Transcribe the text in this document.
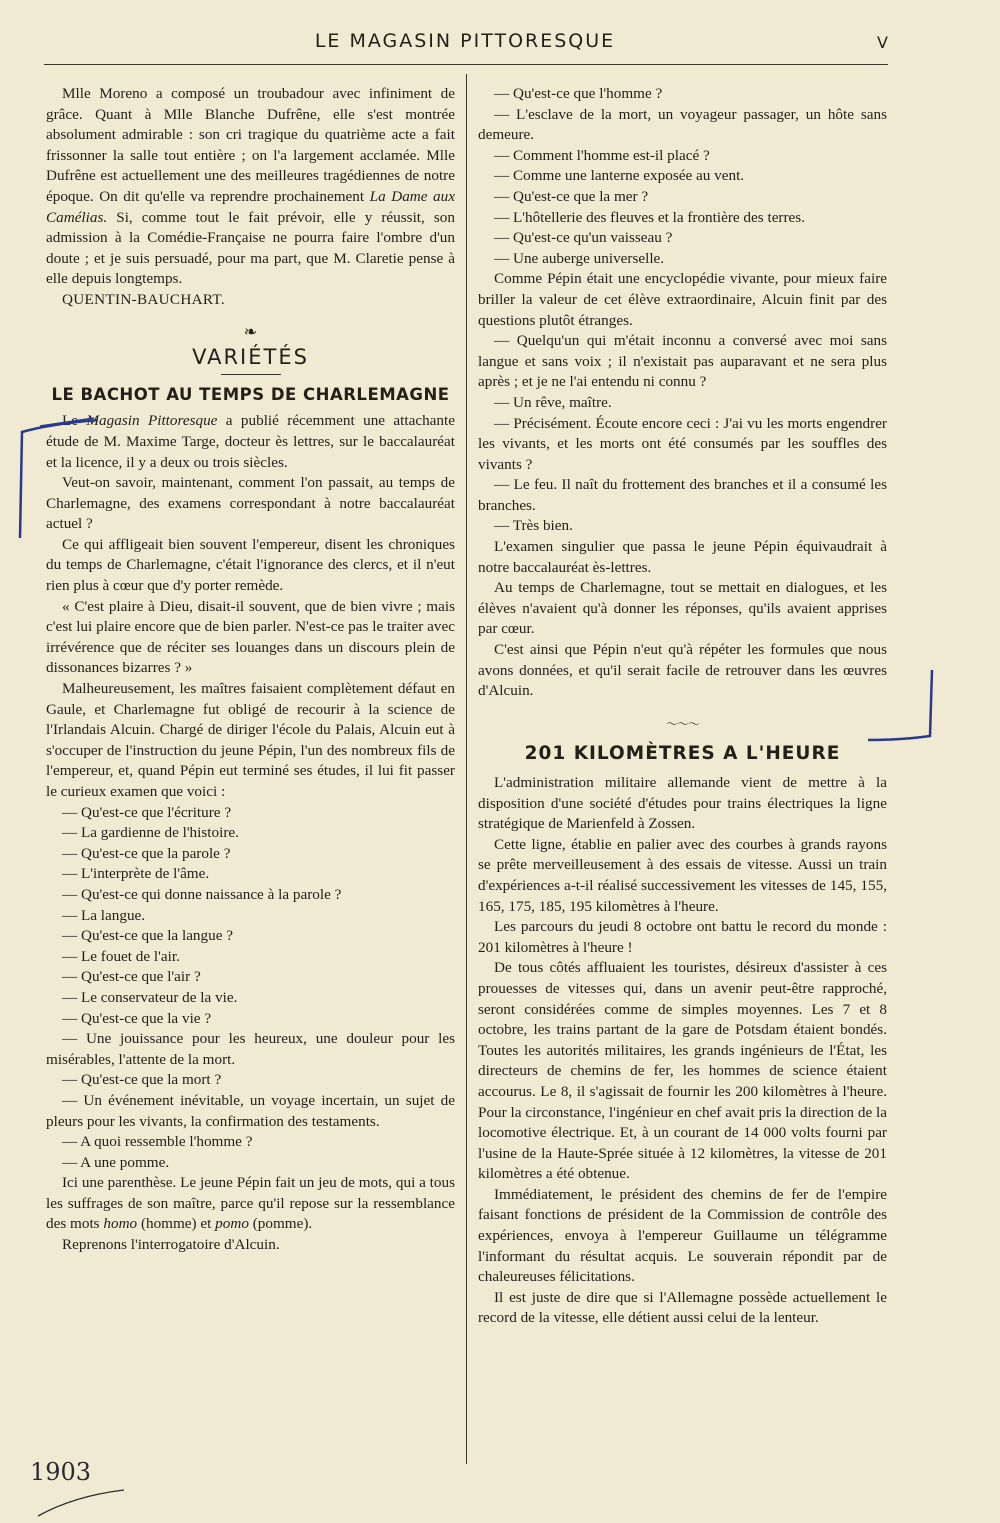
LE MAGASIN PITTORESQUE	V

Mlle Moreno a composé un troubadour avec infiniment de grâce. Quant à Mlle Blanche Dufrêne, elle s'est montrée absolument admirable : son cri tragique du quatrième acte a fait frissonner la salle tout entière ; on l'a largement acclamée. Mlle Dufrêne est actuellement une des meilleures tragédiennes de notre époque. On dit qu'elle va reprendre prochainement La Dame aux Camélias. Si, comme tout le fait prévoir, elle y réussit, son admission à la Comédie-Française ne pourra faire l'ombre d'un doute ; et je suis persuadé, pour ma part, que M. Claretie pense à elle depuis longtemps.

QUENTIN-BAUCHART.

❧
VARIÉTÉS
LE BACHOT AU TEMPS DE CHARLEMAGNE

Le Magasin Pittoresque a publié récemment une attachante étude de M. Maxime Targe, docteur ès lettres, sur le baccalauréat et la licence, il y a deux ou trois siècles.

Veut-on savoir, maintenant, comment l'on passait, au temps de Charlemagne, des examens correspondant à notre baccalauréat actuel ?

Ce qui affligeait bien souvent l'empereur, disent les chroniques du temps de Charlemagne, c'était l'ignorance des clercs, et il n'eut rien plus à cœur que d'y porter remède.

« C'est plaire à Dieu, disait-il souvent, que de bien vivre ; mais c'est lui plaire encore que de bien parler. N'est-ce pas le traiter avec irrévérence que de réciter ses louanges dans un discours plein de dissonances bizarres ? »

Malheureusement, les maîtres faisaient complètement défaut en Gaule, et Charlemagne fut obligé de recourir à la science de l'Irlandais Alcuin. Chargé de diriger l'école du Palais, Alcuin eut à s'occuper de l'instruction du jeune Pépin, l'un des nombreux fils de l'empereur, et, quand Pépin eut terminé ses études, il lui fit passer le curieux examen que voici :

— Qu'est-ce que l'écriture ?

— La gardienne de l'histoire.

— Qu'est-ce que la parole ?

— L'interprète de l'âme.

— Qu'est-ce qui donne naissance à la parole ?

— La langue.

— Qu'est-ce que la langue ?

— Le fouet de l'air.

— Qu'est-ce que l'air ?

— Le conservateur de la vie.

— Qu'est-ce que la vie ?

— Une jouissance pour les heureux, une douleur pour les misérables, l'attente de la mort.

— Qu'est-ce que la mort ?

— Un événement inévitable, un voyage incertain, un sujet de pleurs pour les vivants, la confirmation des testaments.

— A quoi ressemble l'homme ?

— A une pomme.

Ici une parenthèse. Le jeune Pépin fait un jeu de mots, qui a tous les suffrages de son maître, parce qu'il repose sur la ressemblance des mots homo (homme) et pomo (pomme).

Reprenons l'interrogatoire d'Alcuin.

— Qu'est-ce que l'homme ?

— L'esclave de la mort, un voyageur passager, un hôte sans demeure.

— Comment l'homme est-il placé ?

— Comme une lanterne exposée au vent.

— Qu'est-ce que la mer ?

— L'hôtellerie des fleuves et la frontière des terres.

— Qu'est-ce qu'un vaisseau ?

— Une auberge universelle.

Comme Pépin était une encyclopédie vivante, pour mieux faire briller la valeur de cet élève extraordinaire, Alcuin finit par des questions plutôt étranges.

— Quelqu'un qui m'était inconnu a conversé avec moi sans langue et sans voix ; il n'existait pas auparavant et ne sera plus après ; et je ne l'ai entendu ni connu ?

— Un rêve, maître.

— Précisément. Écoute encore ceci : J'ai vu les morts engendrer les vivants, et les morts ont été consumés par les souffles des vivants ?

— Le feu. Il naît du frottement des branches et il a consumé les branches.

— Très bien.

L'examen singulier que passa le jeune Pépin équivaudrait à notre baccalauréat ès-lettres.

Au temps de Charlemagne, tout se mettait en dialogues, et les élèves n'avaient qu'à donner les réponses, qu'ils avaient apprises par cœur.

C'est ainsi que Pépin n'eut qu'à répéter les formules que nous avons données, et qu'il serait facile de retrouver dans les œuvres d'Alcuin.

～～～
201 KILOMÈTRES A L'HEURE

L'administration militaire allemande vient de mettre à la disposition d'une société d'études pour trains électriques la ligne stratégique de Marienfeld à Zossen.

Cette ligne, établie en palier avec des courbes à grands rayons se prête merveilleusement à des essais de vitesse. Aussi un train d'expériences a-t-il réalisé successivement les vitesses de 145, 155, 165, 175, 185, 195 kilomètres à l'heure.

Les parcours du jeudi 8 octobre ont battu le record du monde : 201 kilomètres à l'heure !

De tous côtés affluaient les touristes, désireux d'assister à ces prouesses de vitesses qui, dans un avenir peut-être rapproché, seront considérées comme de simples moyennes. Les 7 et 8 octobre, les trains partant de la gare de Potsdam étaient bondés. Toutes les autorités militaires, les grands ingénieurs de l'État, les directeurs de chemins de fer, les hommes de science étaient accourus. Le 8, il s'agissait de fournir les 200 kilomètres à l'heure. Pour la circonstance, l'ingénieur en chef avait pris la direction de la locomotive électrique. Et, à un courant de 14 000 volts fourni par l'usine de la Haute-Sprée située à 12 kilomètres, la vitesse de 201 kilomètres a été obtenue.

Immédiatement, le président des chemins de fer de l'empire faisant fonctions de président de la Commission de contrôle des expériences, envoya à l'empereur Guillaume un télégramme l'informant du résultat acquis. Le souverain répondit par de chaleureuses félicitations.

Il est juste de dire que si l'Allemagne possède actuellement le record de la vitesse, elle détient aussi celui de la lenteur.

1903
